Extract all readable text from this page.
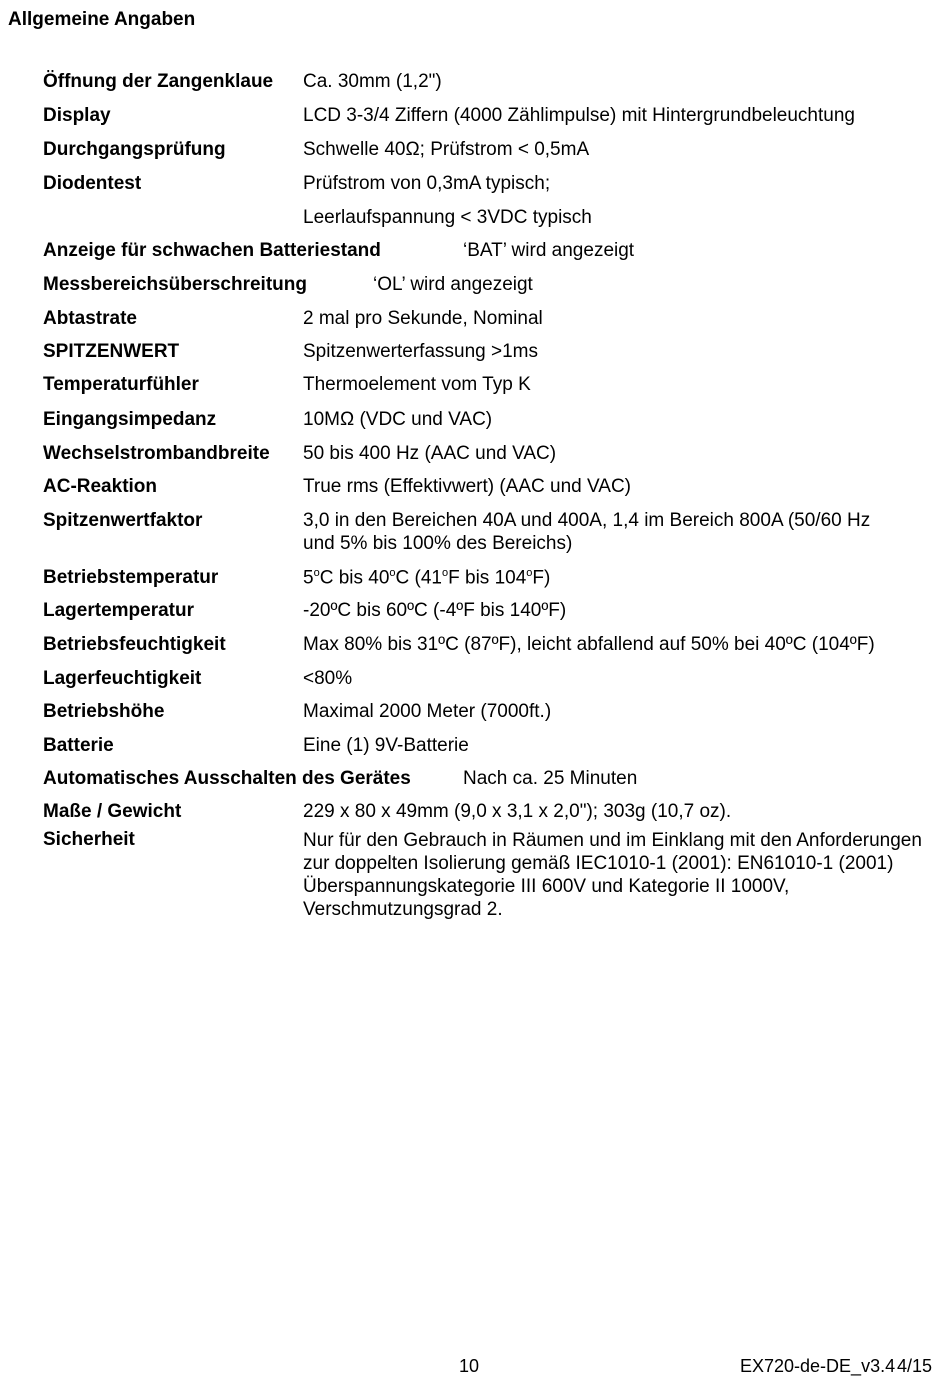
Allgemeine Angaben
Öffnung der Zangenklaue Ca. 30mm (1,2")
Display	LCD 3-3/4 Ziffern (4000 Zählimpulse) mit Hintergrundbeleuchtung
Durchgangsprüfung	Schwelle 40Ω; Prüfstrom < 0,5mA
Diodentest	Prüfstrom von 0,3mA typisch;
Leerlaufspannung < 3VDC typisch
Anzeige für schwachen Batteriestand	‘BAT’ wird angezeigt
Messbereichsüberschreitung	‘OL’ wird angezeigt
Abtastrate	2 mal pro Sekunde, Nominal
SPITZENWERT	Spitzenwerterfassung >1ms
Temperaturfühler	Thermoelement vom Typ K
Eingangsimpedanz	10MΩ (VDC und VAC)
Wechselstrombandbreite 50 bis 400 Hz (AAC und VAC)
AC-Reaktion	True rms (Effektivwert) (AAC und VAC)
Spitzenwertfaktor	3,0 in den Bereichen 40A und 400A, 1,4 im Bereich 800A (50/60 Hz
und 5% bis 100% des Bereichs)
Betriebstemperatur	5$^o$C bis 40$^o$C (41$^o$F bis 104$^o$F)
Lagertemperatur	-20ºC bis 60ºC (-4ºF bis 140ºF)
Betriebsfeuchtigkeit	Max 80% bis 31ºC (87ºF), leicht abfallend auf 50% bei 40ºC (104ºF)
Lagerfeuchtigkeit	<80%
Betriebshöhe	Maximal 2000 Meter (7000ft.)
Batterie	Eine (1) 9V-Batterie
Automatisches Ausschalten des Gerätes	Nach ca. 25 Minuten
Maße / Gewicht	229 x 80 x 49mm (9,0 x 3,1 x 2,0"); 303g (10,7 oz).
Sicherheit	Nur für den Gebrauch in Räumen und im Einklang mit den Anforderungen zur doppelten Isolierung gemäß IEC1010-1 (2001): EN61010-1 (2001) Überspannungskategorie III 600V und Kategorie II 1000V, Verschmutzungsgrad 2.
10	EX720-de-DE_v3.4 4/15
